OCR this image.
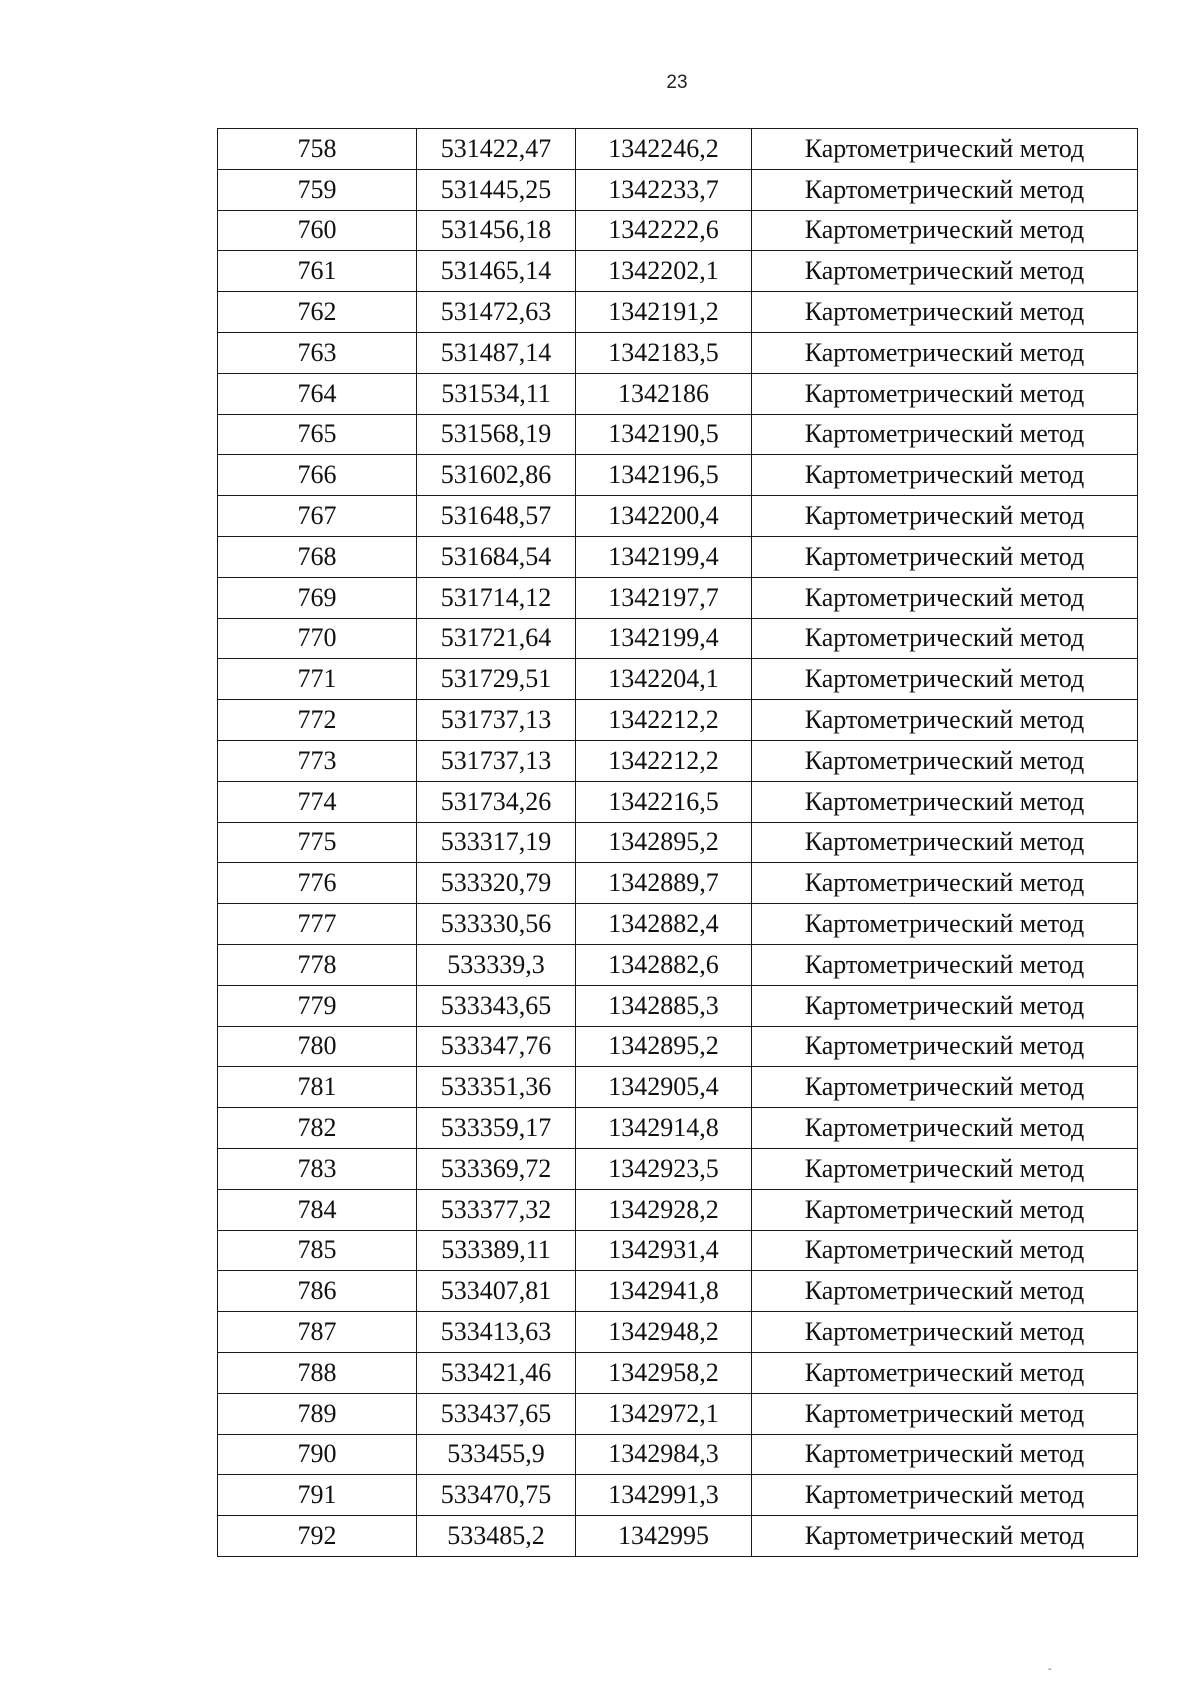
23
758	531422,47	1342246,2	Картометрический метод
759	531445,25	1342233,7	Картометрический метод
760	531456,18	1342222,6	Картометрический метод
761	531465,14	1342202,1	Картометрический метод
762	531472,63	1342191,2	Картометрический метод
763	531487,14	1342183,5	Картометрический метод
764	531534,11	1342186	Картометрический метод
765	531568,19	1342190,5	Картометрический метод
766	531602,86	1342196,5	Картометрический метод
767	531648,57	1342200,4	Картометрический метод
768	531684,54	1342199,4	Картометрический метод
769	531714,12	1342197,7	Картометрический метод
770	531721,64	1342199,4	Картометрический метод
771	531729,51	1342204,1	Картометрический метод
772	531737,13	1342212,2	Картометрический метод
773	531737,13	1342212,2	Картометрический метод
774	531734,26	1342216,5	Картометрический метод
775	533317,19	1342895,2	Картометрический метод
776	533320,79	1342889,7	Картометрический метод
777	533330,56	1342882,4	Картометрический метод
778	533339,3	1342882,6	Картометрический метод
779	533343,65	1342885,3	Картометрический метод
780	533347,76	1342895,2	Картометрический метод
781	533351,36	1342905,4	Картометрический метод
782	533359,17	1342914,8	Картометрический метод
783	533369,72	1342923,5	Картометрический метод
784	533377,32	1342928,2	Картометрический метод
785	533389,11	1342931,4	Картометрический метод
786	533407,81	1342941,8	Картометрический метод
787	533413,63	1342948,2	Картометрический метод
788	533421,46	1342958,2	Картометрический метод
789	533437,65	1342972,1	Картометрический метод
790	533455,9	1342984,3	Картометрический метод
791	533470,75	1342991,3	Картометрический метод
792	533485,2	1342995	Картометрический метод
-
